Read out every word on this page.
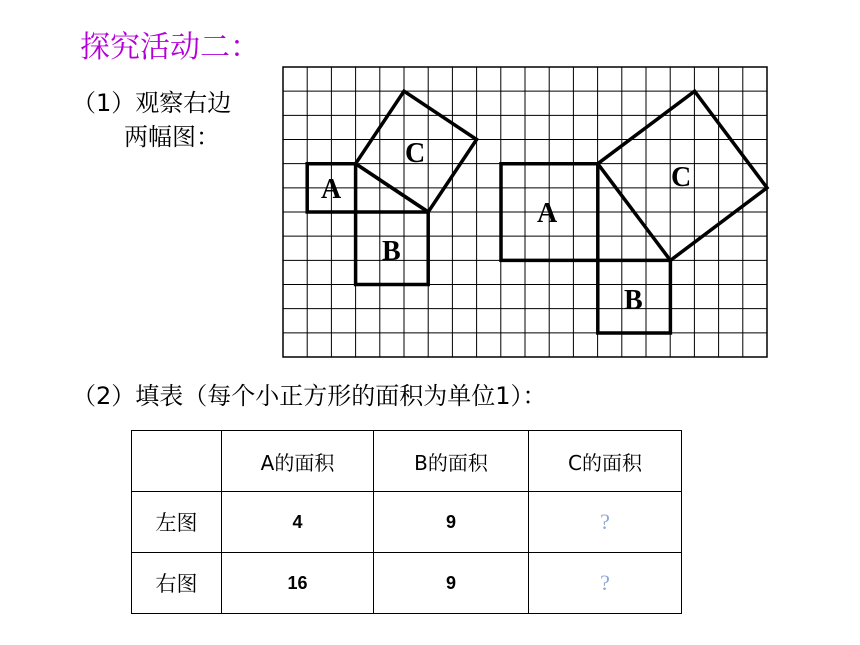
探究活动二：
（1）观察右边
两幅图：
A
B
C
A
B
C
（2）填表（每个小正方形的面积为单位1）：
	A的面积	B的面积	C的面积
左图	4	9	?
右图	16	9	?
